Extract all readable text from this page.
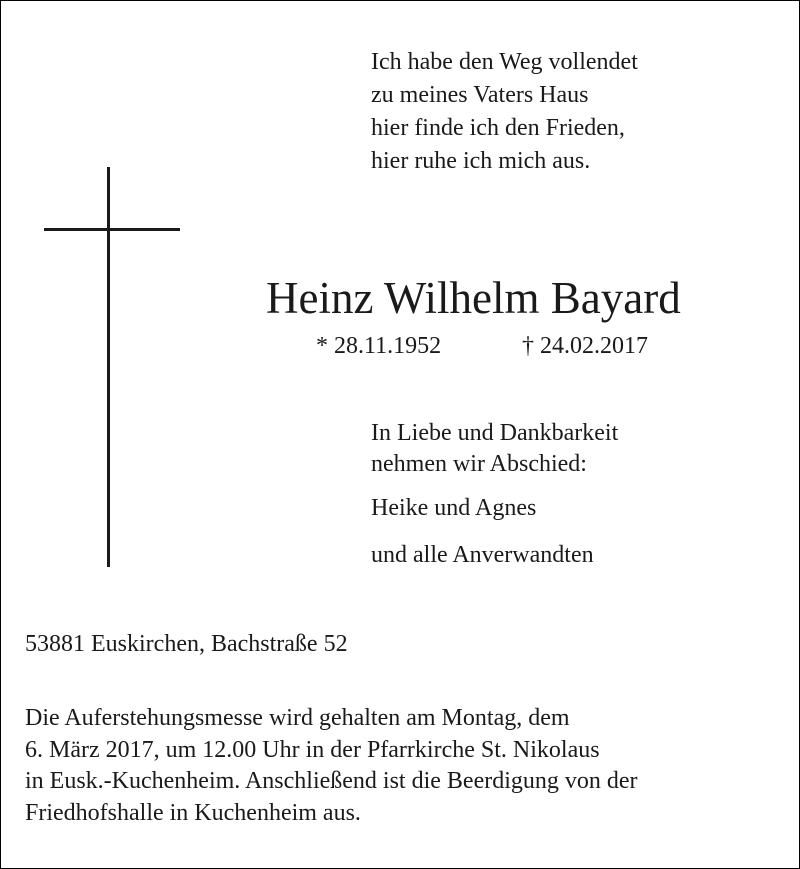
Ich habe den Weg vollendet
zu meines Vaters Haus
hier finde ich den Frieden,
hier ruhe ich mich aus.
Heinz Wilhelm Bayard
* 28.11.1952	† 24.02.2017
In Liebe und Dankbarkeit
nehmen wir Abschied:
Heike und Agnes
und alle Anverwandten
53881 Euskirchen, Bachstraße 52
Die Auferstehungsmesse wird gehalten am Montag, dem
6. März 2017, um 12.00 Uhr in der Pfarrkirche St. Nikolaus
in Eusk.-Kuchenheim. Anschließend ist die Beerdigung von der
Friedhofshalle in Kuchenheim aus.
